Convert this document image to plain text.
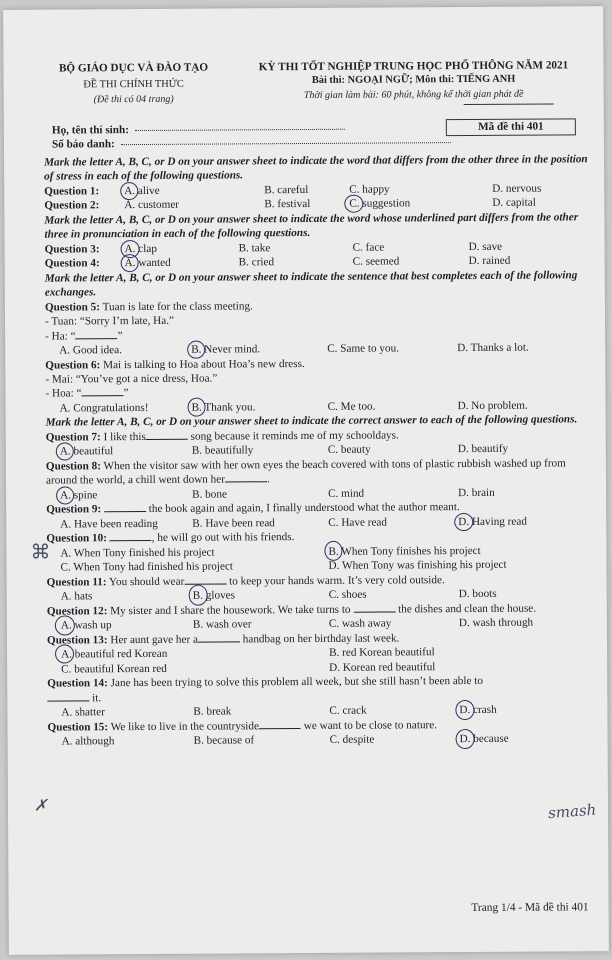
BỘ GIÁO DỤC VÀ ĐÀO TẠO
ĐỀ THI CHÍNH THỨC
(Đề thi có 04 trang)
KỲ THI TỐT NGHIỆP TRUNG HỌC PHỔ THÔNG NĂM 2021
Bài thi: NGOẠI NGỮ; Môn thi: TIẾNG ANH
Thời gian làm bài: 60 phút, không kể thời gian phát đề
Họ, tên thí sinh:
Số báo danh:
Mã đề thi 401

Mark the letter A, B, C, or D on your answer sheet to indicate the word that differs from the other three in the position of stress in each of the following questions.

Question 1: A. alive	B. careful	C. happy	D. nervous
Question 2: A. customer	B. festival	C. suggestion	D. capital

Mark the letter A, B, C, or D on your answer sheet to indicate the word whose underlined part differs from the other three in pronunciation in each of the following questions.

Question 3: A. clap	B. take	C. face	D. save
Question 4: A. wanted	B. cried	C. seemed	D. rained

Mark the letter A, B, C, or D on your answer sheet to indicate the sentence that best completes each of the following exchanges.

Question 5: Tuan is late for the class meeting.

- Tuan: “Sorry I’m late, Ha.”

- Ha: “	”

A. Good idea.	B. Never mind.	C. Same to you.	D. Thanks a lot.

Question 6: Mai is talking to Hoa about Hoa’s new dress.

- Mai: “You’ve got a nice dress, Hoa.”

- Hoa: “	”

A. Congratulations!	B. Thank you.	C. Me too.	D. No problem.

Mark the letter A, B, C, or D on your answer sheet to indicate the correct answer to each of the following questions.

Question 7: I like this	song because it reminds me of my schooldays.

A. beautiful	B. beautifully	C. beauty	D. beautify

Question 8: When the visitor saw with her own eyes the beach covered with tons of plastic rubbish washed up from around the world, a chill went down her	.

A. spine	B. bone	C. mind	D. brain

Question 9:	the book again and again, I finally understood what the author meant.

A. Have been reading	B. Have been read	C. Have read	D. Having read

Question 10:	, he will go out with his friends.

A. When Tony finished his project	B. When Tony finishes his project
C. When Tony had finished his project	D. When Tony was finishing his project

Question 11: You should wear	to keep your hands warm. It’s very cold outside.

A. hats	B. gloves	C. shoes	D. boots

Question 12: My sister and I share the housework. We take turns to	the dishes and clean the house.

A. wash up	B. wash over	C. wash away	D. wash through

Question 13: Her aunt gave her a	handbag on her birthday last week.

A. beautiful red Korean	B. red Korean beautiful
C. beautiful Korean red	D. Korean red beautiful

Question 14: Jane has been trying to solve this problem all week, but she still hasn’t been able to
it.

A. shatter	B. break	C. crack	D. crash

Question 15: We like to live in the countryside	we want to be close to nature.

A. although	B. because of	C. despite	D. because
smash
✗
⌘
Trang 1/4 - Mã đề thi 401
